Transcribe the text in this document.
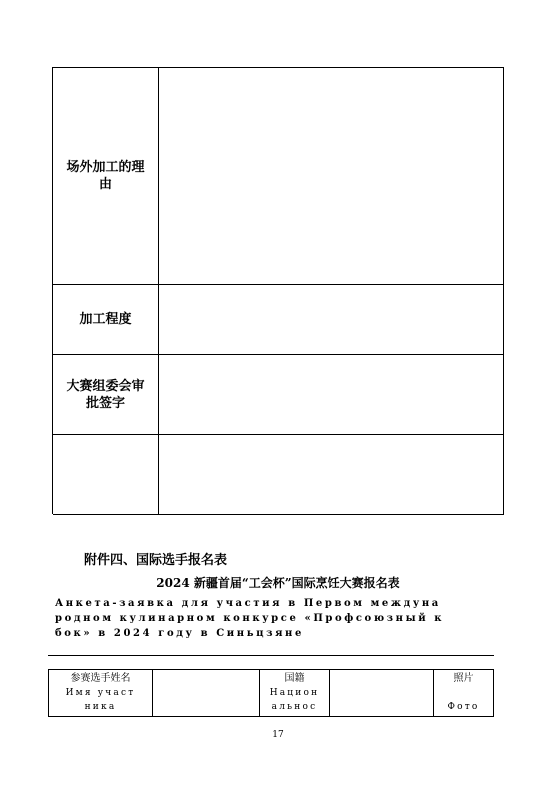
场外加工的理由
加工程度
大赛组委会审批签字
附件四、国际选手报名表
2024 新疆首届“工会杯”国际烹饪大赛报名表
Анкета-заявка для участия в Первом междуна
родном кулинарном конкурсе «Профсоюзный к
бок» в 2024 году в Синьцзяне
参赛选手姓名
Имя участ
ника
国籍
Национ
альнос
照片
Фото
17
